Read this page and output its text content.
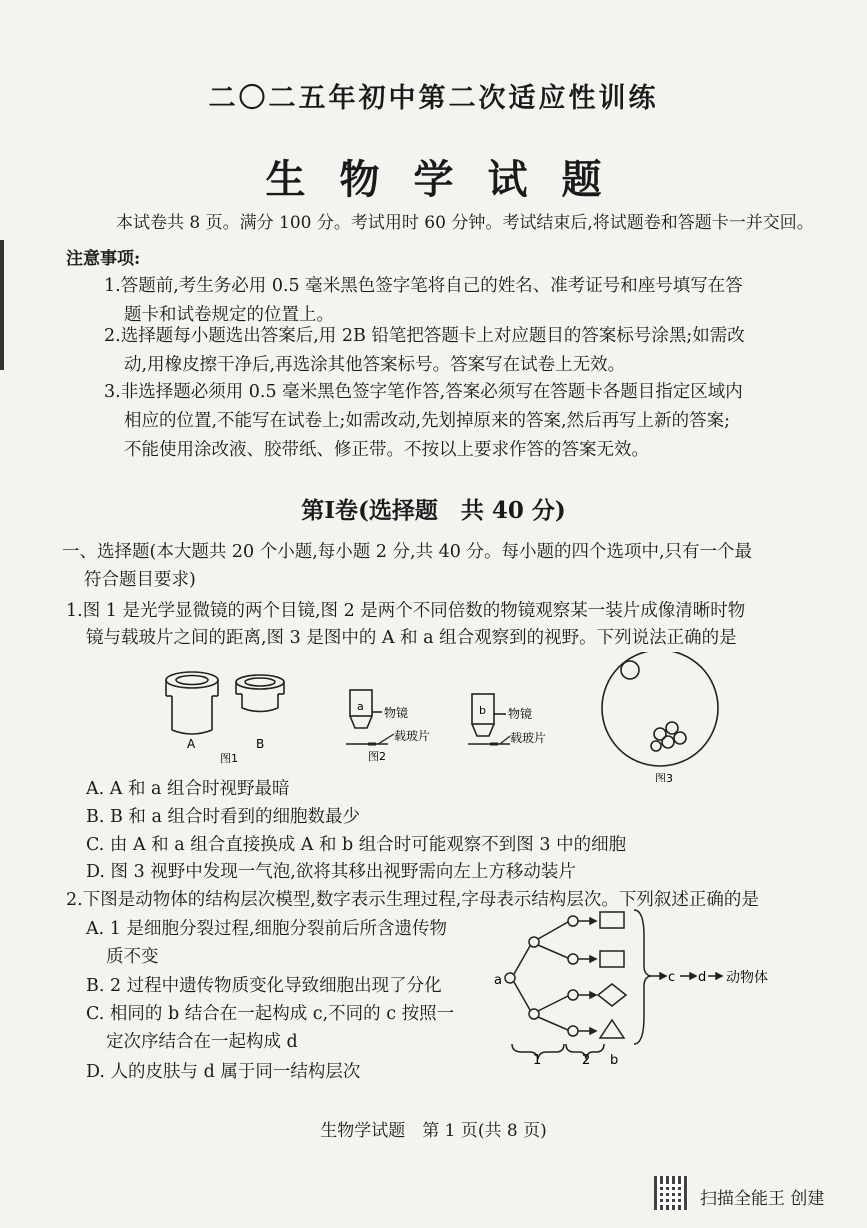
二〇二五年初中第二次适应性训练
生物学试题
本试卷共 8 页。满分 100 分。考试用时 60 分钟。考试结束后,将试题卷和答题卡一并交回。
注意事项:
1.答题前,考生务必用 0.5 毫米黑色签字笔将自己的姓名、准考证号和座号填写在答
题卡和试卷规定的位置上。
2.选择题每小题选出答案后,用 2B 铅笔把答题卡上对应题目的答案标号涂黑;如需改
动,用橡皮擦干净后,再选涂其他答案标号。答案写在试卷上无效。
3.非选择题必须用 0.5 毫米黑色签字笔作答,答案必须写在答题卡各题目指定区域内
相应的位置,不能写在试卷上;如需改动,先划掉原来的答案,然后再写上新的答案;
不能使用涂改液、胶带纸、修正带。不按以上要求作答的答案无效。
第Ⅰ卷(选择题　共 40 分)
一、选择题(本大题共 20 个小题,每小题 2 分,共 40 分。每小题的四个选项中,只有一个最
符合题目要求)
1.图 1 是光学显微镜的两个目镜,图 2 是两个不同倍数的物镜观察某一装片成像清晰时物
镜与载玻片之间的距离,图 3 是图中的 A 和 a 组合观察到的视野。下列说法正确的是
A	B
图1
a 物镜
载玻片
图2
b 物镜
载玻片
图3
A. A 和 a 组合时视野最暗
B. B 和 a 组合时看到的细胞数最少
C. 由 A 和 a 组合直接换成 A 和 b 组合时可能观察不到图 3 中的细胞
D. 图 3 视野中发现一气泡,欲将其移出视野需向左上方移动装片
2.下图是动物体的结构层次模型,数字表示生理过程,字母表示结构层次。下列叙述正确的是
A. 1 是细胞分裂过程,细胞分裂前后所含遗传物
质不变
B. 2 过程中遗传物质变化导致细胞出现了分化
C. 相同的 b 结合在一起构成 c,不同的 c 按照一
定次序结合在一起构成 d
D. 人的皮肤与 d 属于同一结构层次
a	c d 动物体
1	2 b
生物学试题　第 1 页(共 8 页)
扫描全能王 创建
